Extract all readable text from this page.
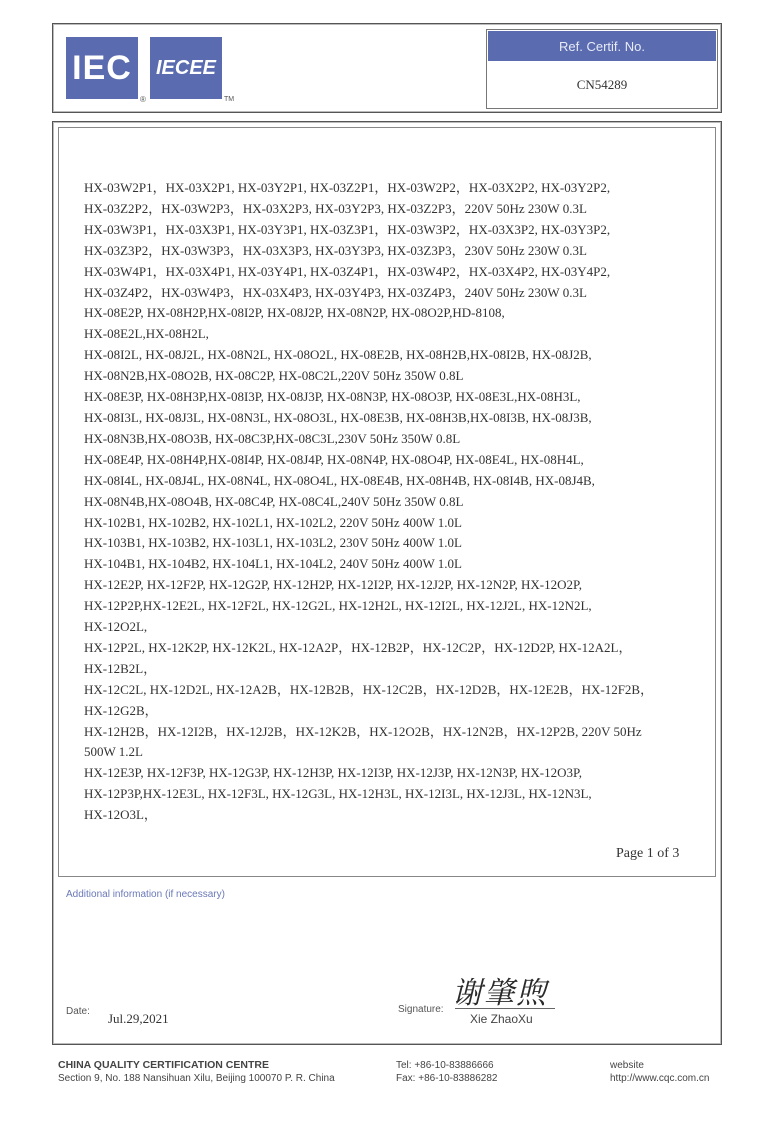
IEC
®
IECEE
TM
Ref. Certif. No.
CN54289
HX-03W2P1，HX-03X2P1, HX-03Y2P1, HX-03Z2P1，HX-03W2P2，HX-03X2P2, HX-03Y2P2,
HX-03Z2P2，HX-03W2P3，HX-03X2P3, HX-03Y2P3, HX-03Z2P3，220V 50Hz 230W 0.3L
HX-03W3P1，HX-03X3P1, HX-03Y3P1, HX-03Z3P1，HX-03W3P2，HX-03X3P2, HX-03Y3P2,
HX-03Z3P2，HX-03W3P3，HX-03X3P3, HX-03Y3P3, HX-03Z3P3，230V 50Hz 230W 0.3L
HX-03W4P1，HX-03X4P1, HX-03Y4P1, HX-03Z4P1，HX-03W4P2，HX-03X4P2, HX-03Y4P2,
HX-03Z4P2，HX-03W4P3，HX-03X4P3, HX-03Y4P3, HX-03Z4P3，240V 50Hz 230W 0.3L
HX-08E2P, HX-08H2P,HX-08I2P, HX-08J2P, HX-08N2P, HX-08O2P,HD-8108,
HX-08E2L,HX-08H2L,
HX-08I2L, HX-08J2L, HX-08N2L, HX-08O2L, HX-08E2B, HX-08H2B,HX-08I2B, HX-08J2B,
HX-08N2B,HX-08O2B, HX-08C2P, HX-08C2L,220V 50Hz 350W 0.8L
HX-08E3P, HX-08H3P,HX-08I3P, HX-08J3P, HX-08N3P, HX-08O3P, HX-08E3L,HX-08H3L,
HX-08I3L, HX-08J3L, HX-08N3L, HX-08O3L, HX-08E3B, HX-08H3B,HX-08I3B, HX-08J3B,
HX-08N3B,HX-08O3B, HX-08C3P,HX-08C3L,230V 50Hz 350W 0.8L
HX-08E4P, HX-08H4P,HX-08I4P, HX-08J4P, HX-08N4P, HX-08O4P, HX-08E4L, HX-08H4L,
HX-08I4L, HX-08J4L, HX-08N4L, HX-08O4L, HX-08E4B, HX-08H4B, HX-08I4B, HX-08J4B,
HX-08N4B,HX-08O4B, HX-08C4P, HX-08C4L,240V 50Hz 350W 0.8L
HX-102B1, HX-102B2, HX-102L1, HX-102L2, 220V 50Hz 400W 1.0L
HX-103B1, HX-103B2, HX-103L1, HX-103L2, 230V 50Hz 400W 1.0L
HX-104B1, HX-104B2, HX-104L1, HX-104L2, 240V 50Hz 400W 1.0L
HX-12E2P, HX-12F2P, HX-12G2P, HX-12H2P, HX-12I2P, HX-12J2P, HX-12N2P, HX-12O2P,
HX-12P2P,HX-12E2L, HX-12F2L, HX-12G2L, HX-12H2L, HX-12I2L, HX-12J2L, HX-12N2L,
HX-12O2L,
HX-12P2L, HX-12K2P, HX-12K2L, HX-12A2P，HX-12B2P，HX-12C2P，HX-12D2P, HX-12A2L，
HX-12B2L，
HX-12C2L, HX-12D2L, HX-12A2B，HX-12B2B，HX-12C2B，HX-12D2B，HX-12E2B，HX-12F2B，
HX-12G2B，
HX-12H2B，HX-12I2B，HX-12J2B，HX-12K2B，HX-12O2B，HX-12N2B，HX-12P2B, 220V 50Hz
500W 1.2L
HX-12E3P, HX-12F3P, HX-12G3P, HX-12H3P, HX-12I3P, HX-12J3P, HX-12N3P, HX-12O3P,
HX-12P3P,HX-12E3L, HX-12F3L, HX-12G3L, HX-12H3L, HX-12I3L, HX-12J3L, HX-12N3L,
HX-12O3L，
Page 1 of 3
Additional information (if necessary)
Date: Jul.29,2021
Signature: 谢肇煦
Xie ZhaoXu
CHINA QUALITY CERTIFICATION CENTRE
Section 9, No. 188 Nansihuan Xilu, Beijing 100070 P. R. China
Tel: +86-10-83886666
Fax: +86-10-83886282
website
http://www.cqc.com.cn
